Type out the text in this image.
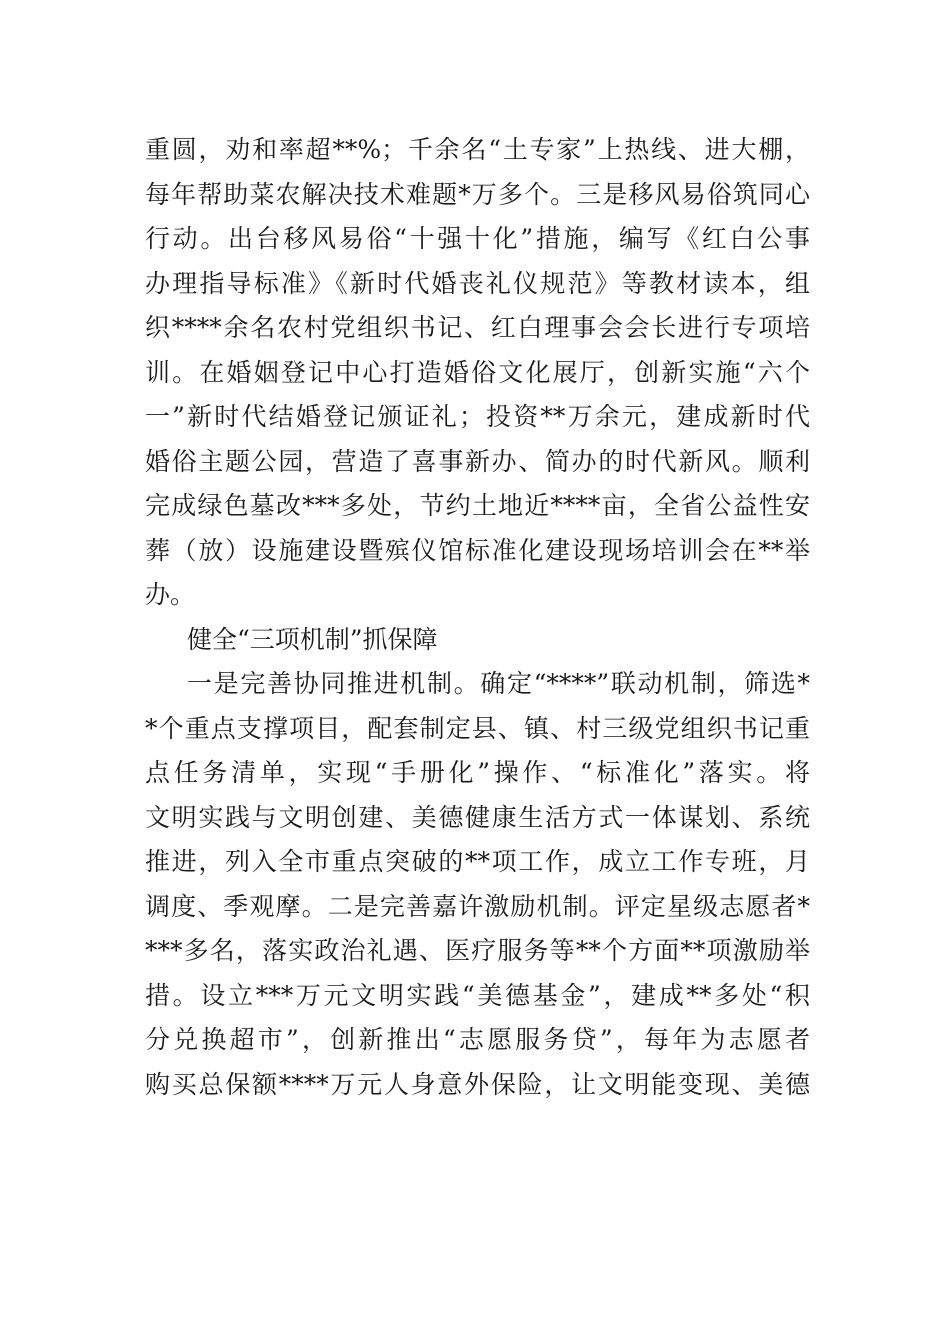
重圆，劝和率超**%；千余名“土专家”上热线、进大棚，
每年帮助菜农解决技术难题*万多个。三是移风易俗筑同心
行动。出台移风易俗“十强十化”措施，编写《红白公事
办理指导标准》《新时代婚丧礼仪规范》等教材读本，组
织****余名农村党组织书记、红白理事会会长进行专项培
训。在婚姻登记中心打造婚俗文化展厅，创新实施“六个
一”新时代结婚登记颁证礼；投资**万余元，建成新时代
婚俗主题公园，营造了喜事新办、简办的时代新风。顺利
完成绿色墓改***多处，节约土地近****亩，全省公益性安
葬（放）设施建设暨殡仪馆标准化建设现场培训会在**举
办。
健全“三项机制”抓保障
一是完善协同推进机制。确定“****”联动机制，筛选*
*个重点支撑项目，配套制定县、镇、村三级党组织书记重
点任务清单，实现“手册化”操作、“标准化”落实。将
文明实践与文明创建、美德健康生活方式一体谋划、系统
推进，列入全市重点突破的**项工作，成立工作专班，月
调度、季观摩。二是完善嘉许激励机制。评定星级志愿者*
***多名，落实政治礼遇、医疗服务等**个方面**项激励举
措。设立***万元文明实践“美德基金”，建成**多处“积
分兑换超市”，创新推出“志愿服务贷”，每年为志愿者
购买总保额****万元人身意外保险，让文明能变现、美德
